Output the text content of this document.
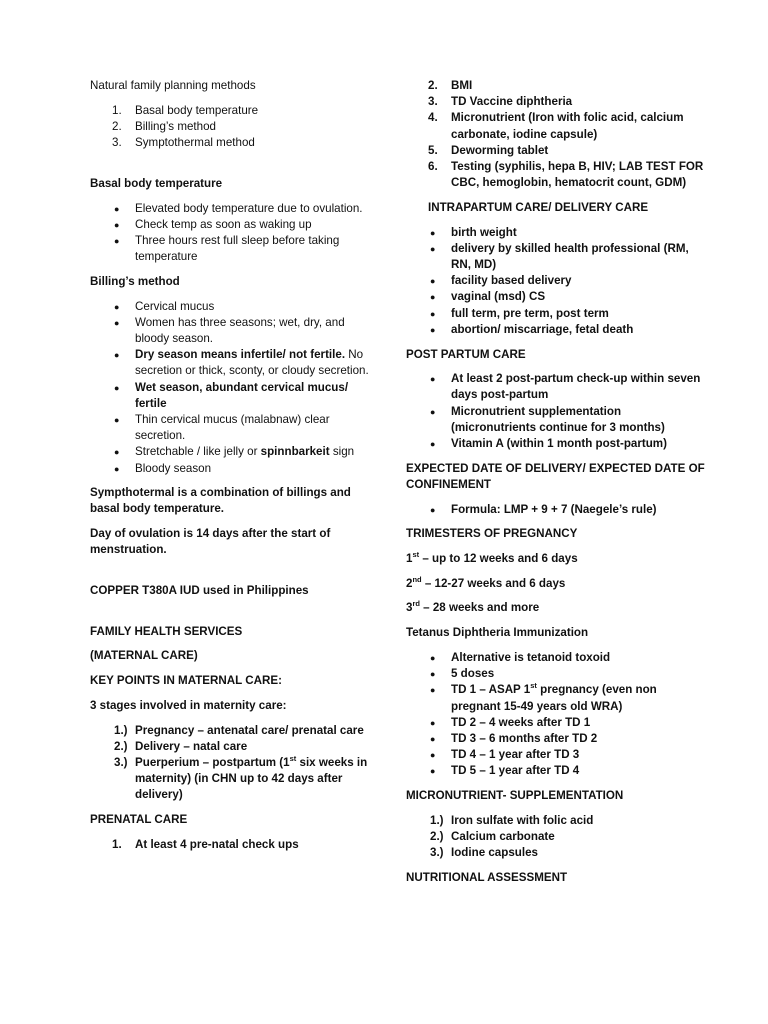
Natural family planning methods

1. Basal body temperature
2. Billing’s method
3. Symptothermal method

Basal body temperature

● Elevated body temperature due to ovulation.
● Check temp as soon as waking up
● Three hours rest full sleep before taking temperature

Billing’s method

● Cervical mucus
● Women has three seasons; wet, dry, and bloody season.
● Dry season means infertile/ not fertile. No secretion or thick, sconty, or cloudy secretion.
● Wet season, abundant cervical mucus/ fertile
● Thin cervical mucus (malabnaw) clear secretion.
● Stretchable / like jelly or spinnbarkeit sign
● Bloody season

Sympthotermal is a combination of billings and basal body temperature.

Day of ovulation is 14 days after the start of menstruation.

COPPER T380A IUD used in Philippines

FAMILY HEALTH SERVICES

(MATERNAL CARE)

KEY POINTS IN MATERNAL CARE:

3 stages involved in maternity care:

1.) Pregnancy – antenatal care/ prenatal care
2.) Delivery – natal care
3.) Puerperium – postpartum (1st six weeks in maternity) (in CHN up to 42 days after delivery)

PRENATAL CARE

1. At least 4 pre-natal check ups
2. BMI
3. TD Vaccine diphtheria
4. Micronutrient (Iron with folic acid, calcium carbonate, iodine capsule)
5. Deworming tablet
6. Testing (syphilis, hepa B, HIV; LAB TEST FOR CBC, hemoglobin, hematocrit count, GDM)

INTRAPARTUM CARE/ DELIVERY CARE

● birth weight
● delivery by skilled health professional (RM, RN, MD)
● facility based delivery
● vaginal (msd) CS
● full term, pre term, post term
● abortion/ miscarriage, fetal death

POST PARTUM CARE

● At least 2 post-partum check-up within seven days post-partum
● Micronutrient supplementation (micronutrients continue for 3 months)
● Vitamin A (within 1 month post-partum)

EXPECTED DATE OF DELIVERY/ EXPECTED DATE OF CONFINEMENT

● Formula: LMP + 9 + 7 (Naegele’s rule)

TRIMESTERS OF PREGNANCY

1st – up to 12 weeks and 6 days

2nd – 12-27 weeks and 6 days

3rd – 28 weeks and more

Tetanus Diphtheria Immunization

● Alternative is tetanoid toxoid
● 5 doses
● TD 1 – ASAP 1st pregnancy (even non pregnant 15-49 years old WRA)
● TD 2 – 4 weeks after TD 1
● TD 3 – 6 months after TD 2
● TD 4 – 1 year after TD 3
● TD 5 – 1 year after TD 4

MICRONUTRIENT- SUPPLEMENTATION

1.) Iron sulfate with folic acid
2.) Calcium carbonate
3.) Iodine capsules

NUTRITIONAL ASSESSMENT
